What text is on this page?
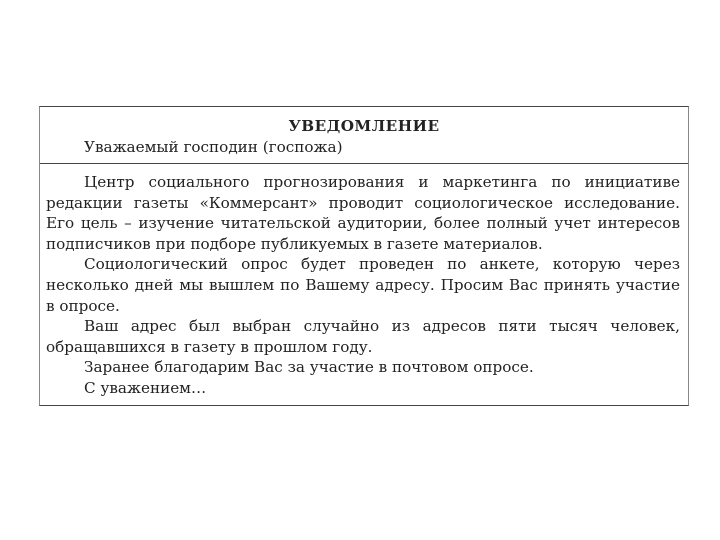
УВЕДОМЛЕНИЕ
Уважаемый господин (госпожа)

Центр социального прогнозирования и маркетинга по инициативе редакции газеты «Коммерсант» проводит социологическое исследование. Его цель – изучение читательской аудитории, более полный учет интересов подписчиков при подборе публикуемых в газете материалов.

Социологический опрос будет проведен по анкете, которую через несколько дней мы вышлем по Вашему адресу. Просим Вас принять участие в опросе.

Ваш адрес был выбран случайно из адресов пяти тысяч человек, обращавшихся в газету в прошлом году.

Заранее благодарим Вас за участие в почтовом опросе.

С уважением…
